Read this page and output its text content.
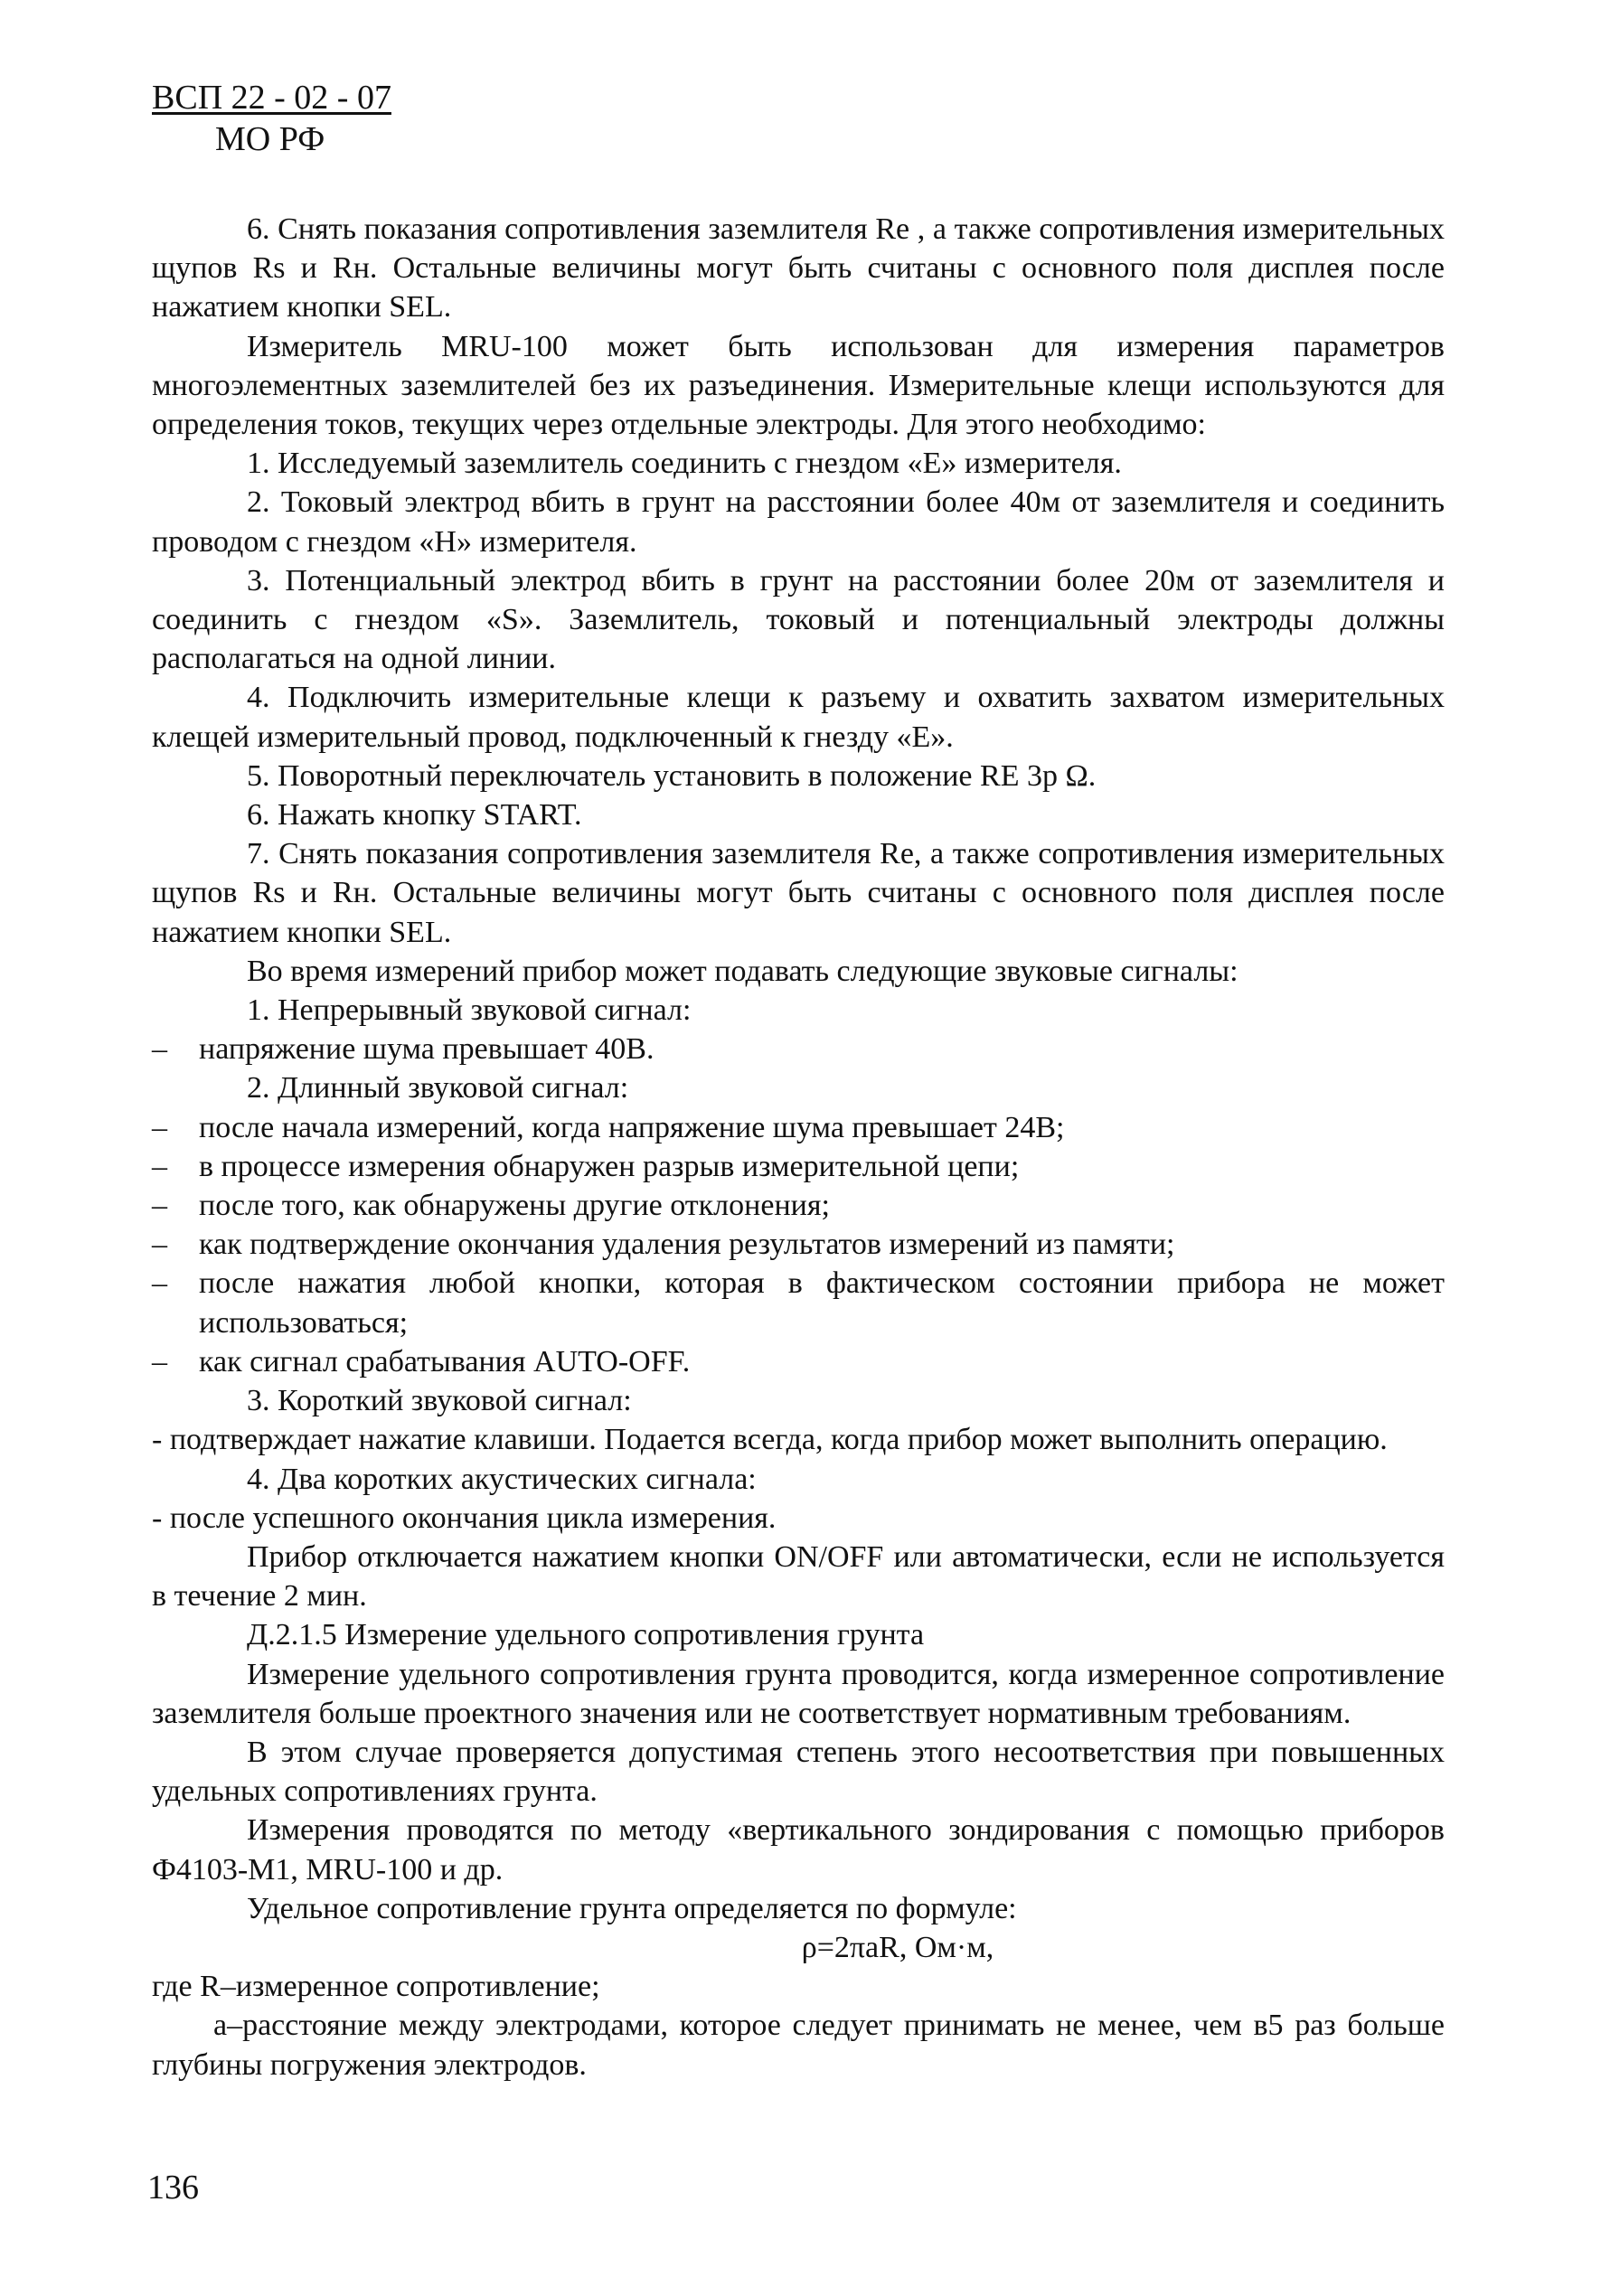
ВСП 22 - 02 - 07
МО РФ

6. Снять показания сопротивления заземлителя Re , а также сопротивления измерительных щупов Rs и Rн. Остальные величины могут быть считаны с основного поля дисплея после нажатием кнопки SEL.

Измеритель MRU-100 может быть использован для измерения параметров многоэлементных заземлителей без их разъединения. Измерительные клещи используются для определения токов, текущих через отдельные электроды. Для этого необходимо:

1. Исследуемый заземлитель соединить с гнездом «E» измерителя.

2. Токовый электрод вбить в грунт на расстоянии более 40м от заземлителя и соединить проводом с гнездом «H» измерителя.

3. Потенциальный электрод вбить в грунт на расстоянии более 20м от заземлителя и соединить с гнездом «S». Заземлитель, токовый и потенциальный электроды должны располагаться на одной линии.

4. Подключить измерительные клещи к разъему и охватить захватом измерительных клещей измерительный провод, подключенный к гнезду «E».

5. Поворотный переключатель установить в положение RE 3р Ω.

6. Нажать кнопку START.

7. Снять показания сопротивления заземлителя Re, а также сопротивления измерительных щупов Rs и Rн. Остальные величины могут быть считаны с основного поля дисплея после нажатием кнопки SEL.

Во время измерений прибор может подавать следующие звуковые сигналы:

1. Непрерывный звуковой сигнал:

–	напряжение шума превышает 40В.

2. Длинный звуковой сигнал:

–	после начала измерений, когда напряжение шума превышает 24В;
–	в процессе измерения обнаружен разрыв измерительной цепи;
–	после того, как обнаружены другие отклонения;
–	как подтверждение окончания удаления результатов измерений из памяти;
–	после нажатия любой кнопки, которая в фактическом состоянии прибора не может использоваться;
–	как сигнал срабатывания AUTO-OFF.

3. Короткий звуковой сигнал:

- подтверждает нажатие клавиши. Подается всегда, когда прибор может выполнить операцию.

4. Два коротких акустических сигнала:

- после успешного окончания цикла измерения.

Прибор отключается нажатием кнопки ON/OFF или автоматически, если не используется в течение 2 мин.

Д.2.1.5 Измерение удельного сопротивления грунта

Измерение удельного сопротивления грунта проводится, когда измеренное сопротивление заземлителя больше проектного значения или не соответствует нормативным требованиям.

В этом случае проверяется допустимая степень этого несоответствия при повышенных удельных сопротивлениях грунта.

Измерения проводятся по методу «вертикального зондирования с помощью приборов Ф4103-М1, MRU-100 и др.

Удельное сопротивление грунта определяется по формуле:

ρ=2πaR, Ом·м,

где R–измеренное сопротивление;

а–расстояние между электродами, которое следует принимать не менее, чем в5 раз больше глубины погружения электродов.

136
